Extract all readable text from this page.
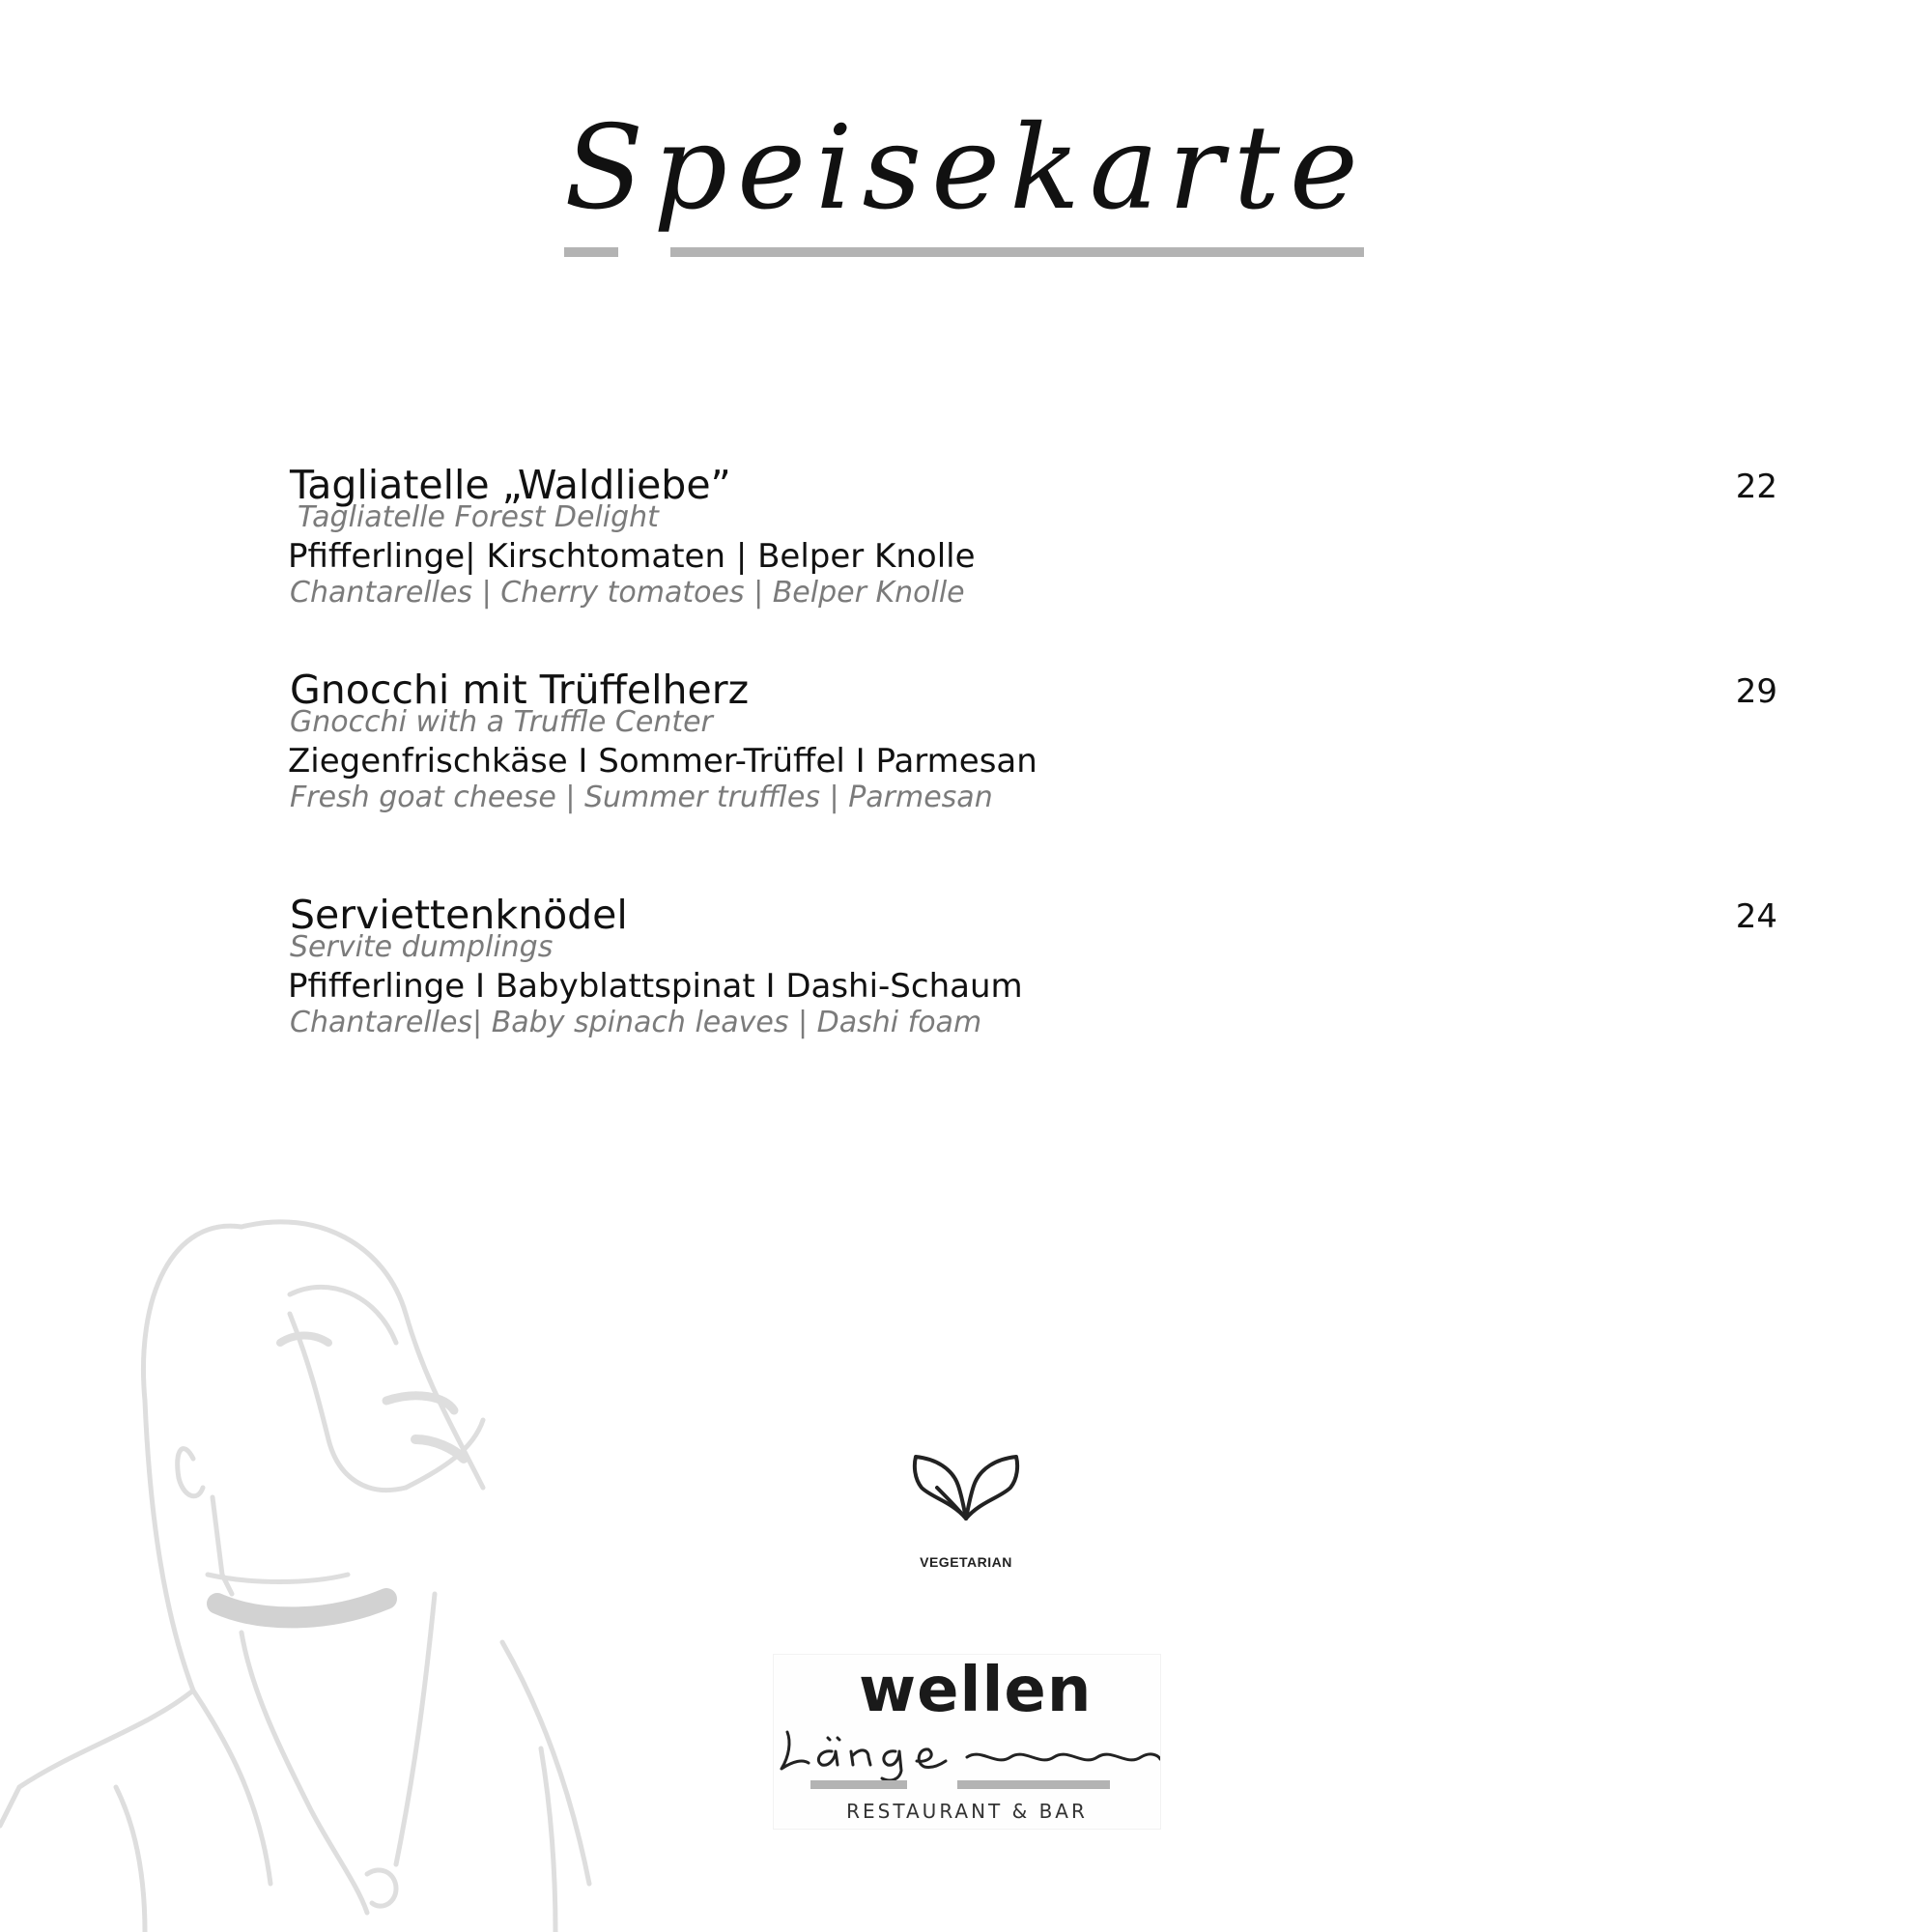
Speisekarte
Tagliatelle „Waldliebe”
Tagliatelle Forest Delight
Pfifferlinge| Kirschtomaten | Belper Knolle
Chantarelles | Cherry tomatoes | Belper Knolle
22
Gnocchi mit Trüffelherz
Gnocchi with a Truffle Center
Ziegenfrischkäse I Sommer-Trüffel I Parmesan
Fresh goat cheese | Summer truffles | Parmesan
29
Serviettenknödel
Servite dumplings
Pfifferlinge I Babyblattspinat I Dashi-Schaum
Chantarelles| Baby spinach leaves | Dashi foam
24
VEGETARIAN
wellen
RESTAURANT & BAR
